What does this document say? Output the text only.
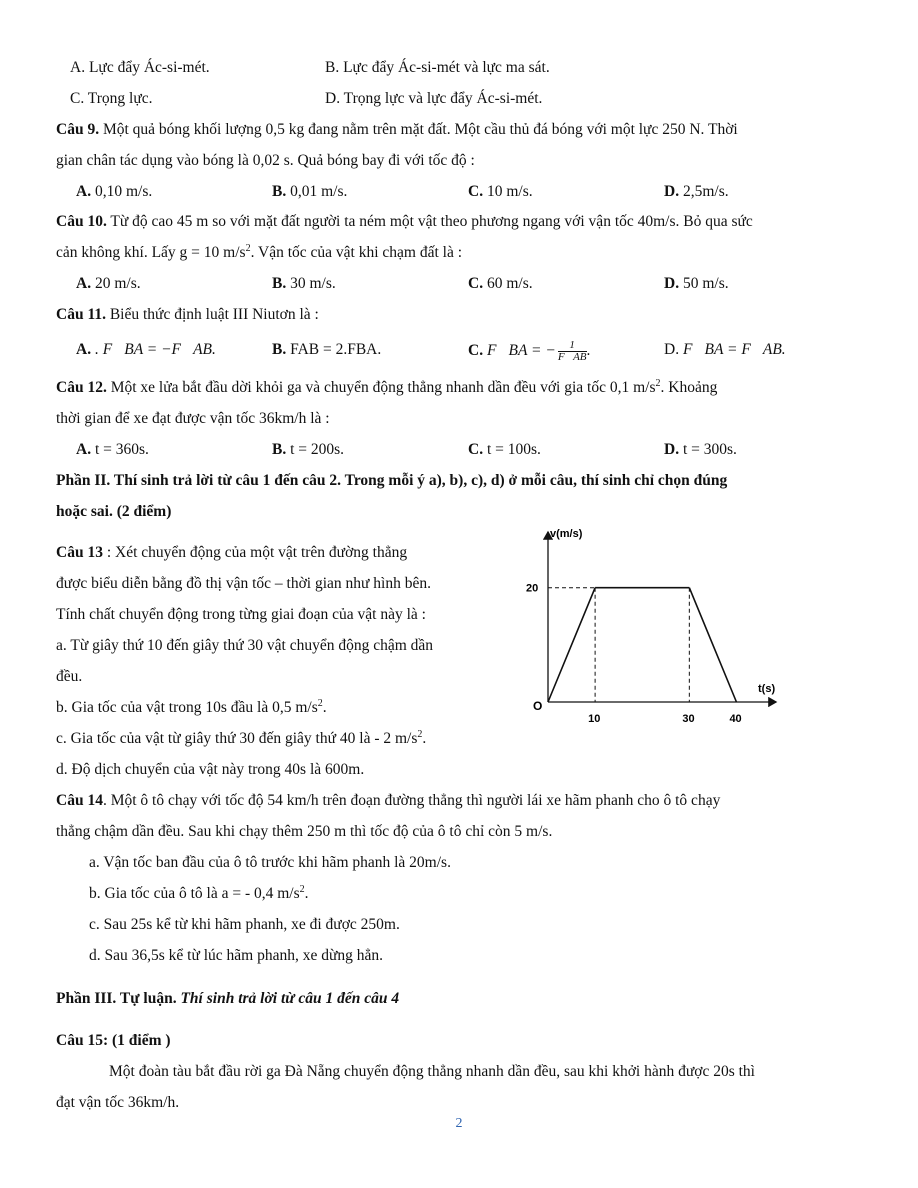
A. Lực đẩy Ác-si-mét.	B. Lực đẩy Ác-si-mét và lực ma sát.
C. Trọng lực.	D. Trọng lực và lực đẩy Ác-si-mét.
Câu 9. Một quả bóng khối lượng 0,5 kg đang nằm trên mặt đất. Một cầu thủ đá bóng với một lực 250 N. Thời
gian chân tác dụng vào bóng là 0,02 s. Quả bóng bay đi với tốc độ :
A. 0,10 m/s.	B. 0,01 m/s.	C. 10 m/s.	D. 2,5m/s.
Câu 10. Từ độ cao 45 m so với mặt đất người ta ném một vật theo phương ngang với vận tốc 40m/s. Bỏ qua sức
cản không khí. Lấy g = 10 $m/s^2$. Vận tốc của vật khi chạm đất là :
A. 20 m/s.	B. 30 m/s.	C. 60 m/s.	D. 50 m/s.
Câu 11. Biểu thức định luật III Niutơn là :
A. . F⃗BA = −F⃗AB.	B. FAB = 2.FBA.	C. F⃗BA = − $\frac{1}{F⃗AB}$ .	D. F⃗BA = F⃗AB.
Câu 12. Một xe lửa bắt đầu dời khỏi ga và chuyển động thẳng nhanh dần đều với gia tốc 0,1 $m/s^2$. Khoảng
thời gian để xe đạt được vận tốc 36km/h là :
A. t = 360s.	B. t = 200s.	C. t = 100s.	D. t = 300s.
Phần II. Thí sinh trả lời từ câu 1 đến câu 2. Trong mỗi ý a), b), c), d) ở mỗi câu, thí sinh chỉ chọn đúng
hoặc sai. (2 điểm)
Câu 13 : Xét chuyển động của một vật trên đường thẳng
được biểu diễn bằng đồ thị vận tốc – thời gian như hình bên.
Tính chất chuyển động trong từng giai đoạn của vật này là :
a. Từ giây thứ 10 đến giây thứ 30 vật chuyển động chậm dần
đều.
b. Gia tốc của vật trong 10s đầu là 0,5 $m/s^2$.
c. Gia tốc của vật từ giây thứ 30 đến giây thứ 40 là - 2 $m/s^2$.
d. Độ dịch chuyển của vật này trong 40s là 600m.
v(m/s)
t(s)
O
20
10	30	40
Câu 14. Một ô tô chạy với tốc độ 54 km/h trên đoạn đường thẳng thì người lái xe hãm phanh cho ô tô chạy
thẳng chậm dần đều. Sau khi chạy thêm 250 m thì tốc độ của ô tô chỉ còn 5 m/s.
a. Vận tốc ban đầu của ô tô trước khi hãm phanh là 20m/s.
b. Gia tốc của ô tô là a = - 0,4 $m/s^2$.
c. Sau 25s kể từ khi hãm phanh, xe đi được 250m.
d. Sau 36,5s kể từ lúc hãm phanh, xe dừng hẳn.
Phần III. Tự luận. Thí sinh trả lời từ câu 1 đến câu 4
Câu 15: (1 điểm )
Một đoàn tàu bắt đầu rời ga Đà Nẵng chuyển động thẳng nhanh dần đều, sau khi khởi hành được 20s thì
đạt vận tốc 36km/h.
2
